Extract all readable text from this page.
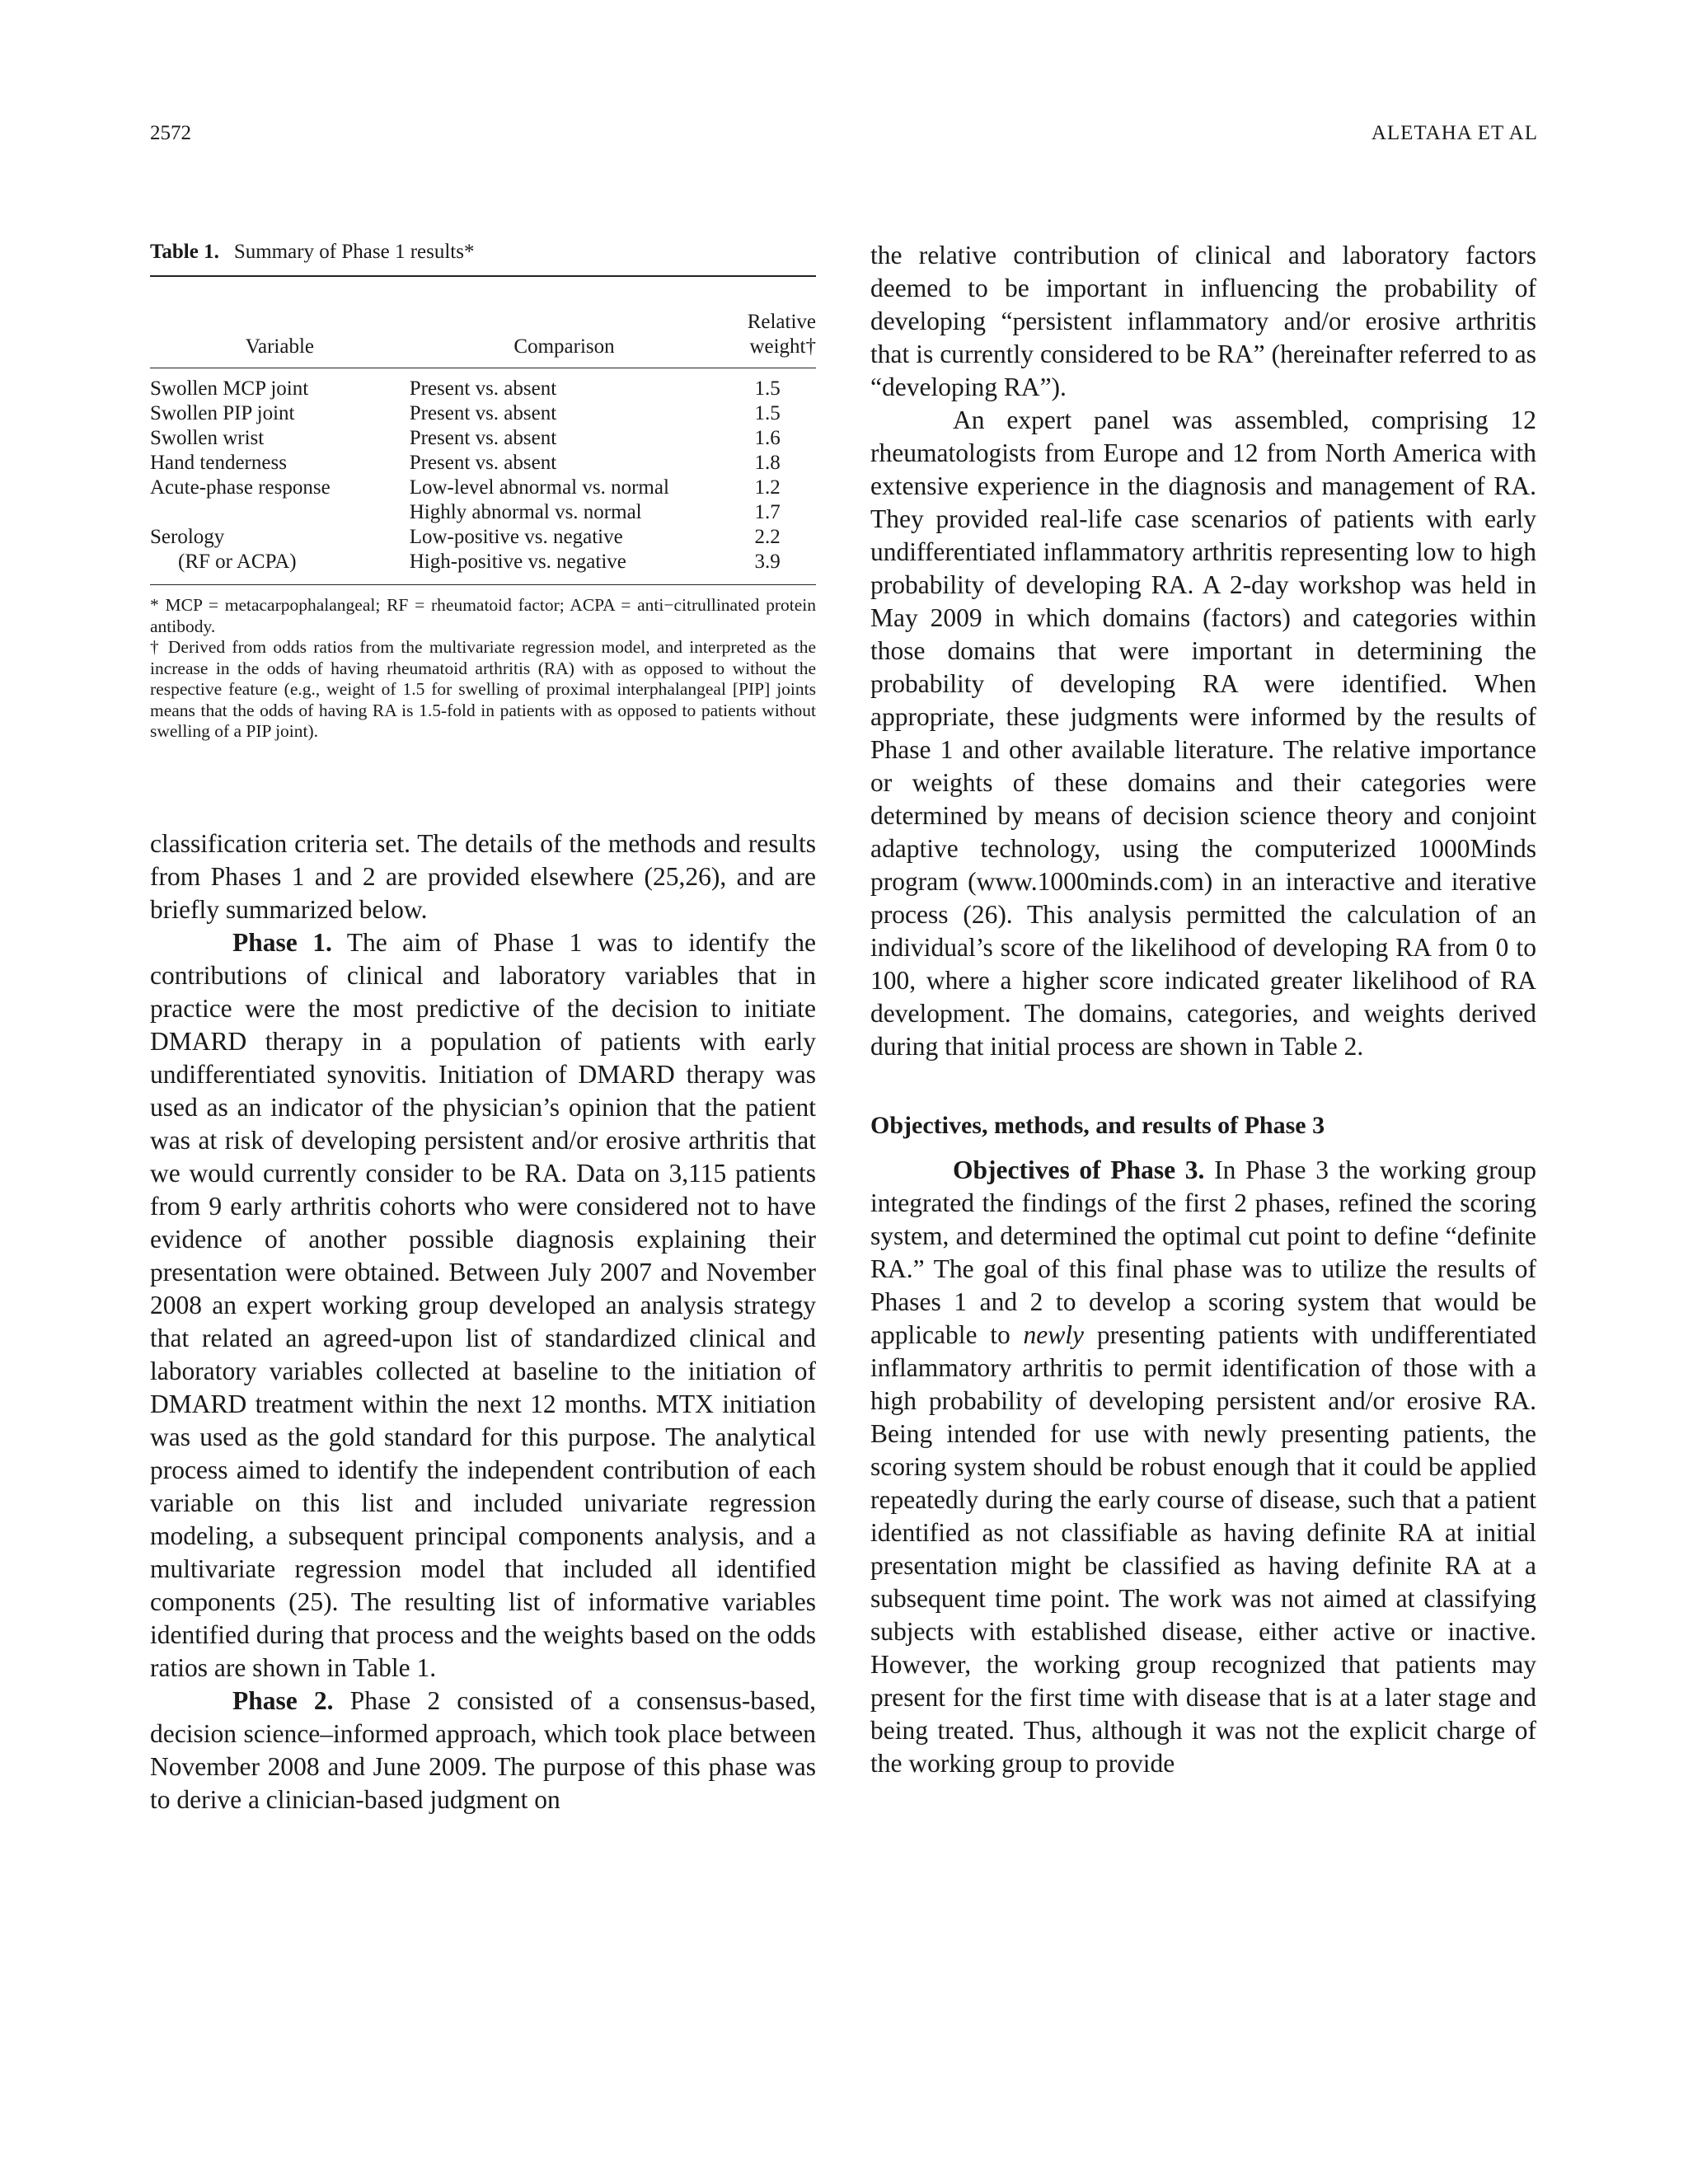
2572	ALETAHA ET AL
Table 1. Summary of Phase 1 results*
Variable	Comparison	Relative
weight†

Swollen MCP joint	Present vs. absent	1.5
Swollen PIP joint	Present vs. absent	1.5
Swollen wrist	Present vs. absent	1.6
Hand tenderness	Present vs. absent	1.8
Acute-phase response	Low-level abnormal vs. normal	1.2
	Highly abnormal vs. normal	1.7
Serology	Low-positive vs. negative	2.2
(RF or ACPA)	High-positive vs. negative	3.9

* MCP = metacarpophalangeal; RF = rheumatoid factor; ACPA = anti−citrullinated protein antibody.

† Derived from odds ratios from the multivariate regression model, and interpreted as the increase in the odds of having rheumatoid arthritis (RA) with as opposed to without the respective feature (e.g., weight of 1.5 for swelling of proximal interphalangeal [PIP] joints means that the odds of having RA is 1.5-fold in patients with as opposed to patients without swelling of a PIP joint).

classification criteria set. The details of the methods and results from Phases 1 and 2 are provided elsewhere (25,26), and are briefly summarized below.

Phase 1. The aim of Phase 1 was to identify the contributions of clinical and laboratory variables that in practice were the most predictive of the decision to initiate DMARD therapy in a population of patients with early undifferentiated synovitis. Initiation of DMARD therapy was used as an indicator of the physician’s opinion that the patient was at risk of developing persistent and/or erosive arthritis that we would currently consider to be RA. Data on 3,115 patients from 9 early arthritis cohorts who were considered not to have evidence of another possible diagnosis explaining their presentation were obtained. Between July 2007 and November 2008 an expert working group developed an analysis strategy that related an agreed-upon list of standardized clinical and laboratory variables collected at baseline to the initiation of DMARD treatment within the next 12 months. MTX initiation was used as the gold standard for this purpose. The analytical process aimed to identify the independent contribution of each variable on this list and included univariate regression modeling, a subsequent principal components analysis, and a multivariate regression model that included all identified components (25). The resulting list of informative variables identified during that process and the weights based on the odds ratios are shown in Table 1.

Phase 2. Phase 2 consisted of a consensus-based, decision science–informed approach, which took place between November 2008 and June 2009. The purpose of this phase was to derive a clinician-based judgment on

the relative contribution of clinical and laboratory factors deemed to be important in influencing the probability of developing “persistent inflammatory and/or erosive arthritis that is currently considered to be RA” (hereinafter referred to as “developing RA”).

An expert panel was assembled, comprising 12 rheumatologists from Europe and 12 from North America with extensive experience in the diagnosis and management of RA. They provided real-life case scenarios of patients with early undifferentiated inflammatory arthritis representing low to high probability of developing RA. A 2-day workshop was held in May 2009 in which domains (factors) and categories within those domains that were important in determining the probability of developing RA were identified. When appropriate, these judgments were informed by the results of Phase 1 and other available literature. The relative importance or weights of these domains and their categories were determined by means of decision science theory and conjoint adaptive technology, using the computerized 1000Minds program (www.1000minds.com) in an interactive and iterative process (26). This analysis permitted the calculation of an individual’s score of the likelihood of developing RA from 0 to 100, where a higher score indicated greater likelihood of RA development. The domains, categories, and weights derived during that initial process are shown in Table 2.

Objectives, methods, and results of Phase 3

Objectives of Phase 3. In Phase 3 the working group integrated the findings of the first 2 phases, refined the scoring system, and determined the optimal cut point to define “definite RA.” The goal of this final phase was to utilize the results of Phases 1 and 2 to develop a scoring system that would be applicable to newly presenting patients with undifferentiated inflammatory arthritis to permit identification of those with a high probability of developing persistent and/or erosive RA. Being intended for use with newly presenting patients, the scoring system should be robust enough that it could be applied repeatedly during the early course of disease, such that a patient identified as not classifiable as having definite RA at initial presentation might be classified as having definite RA at a subsequent time point. The work was not aimed at classifying subjects with established disease, either active or inactive. However, the working group recognized that patients may present for the first time with disease that is at a later stage and being treated. Thus, although it was not the explicit charge of the working group to provide
